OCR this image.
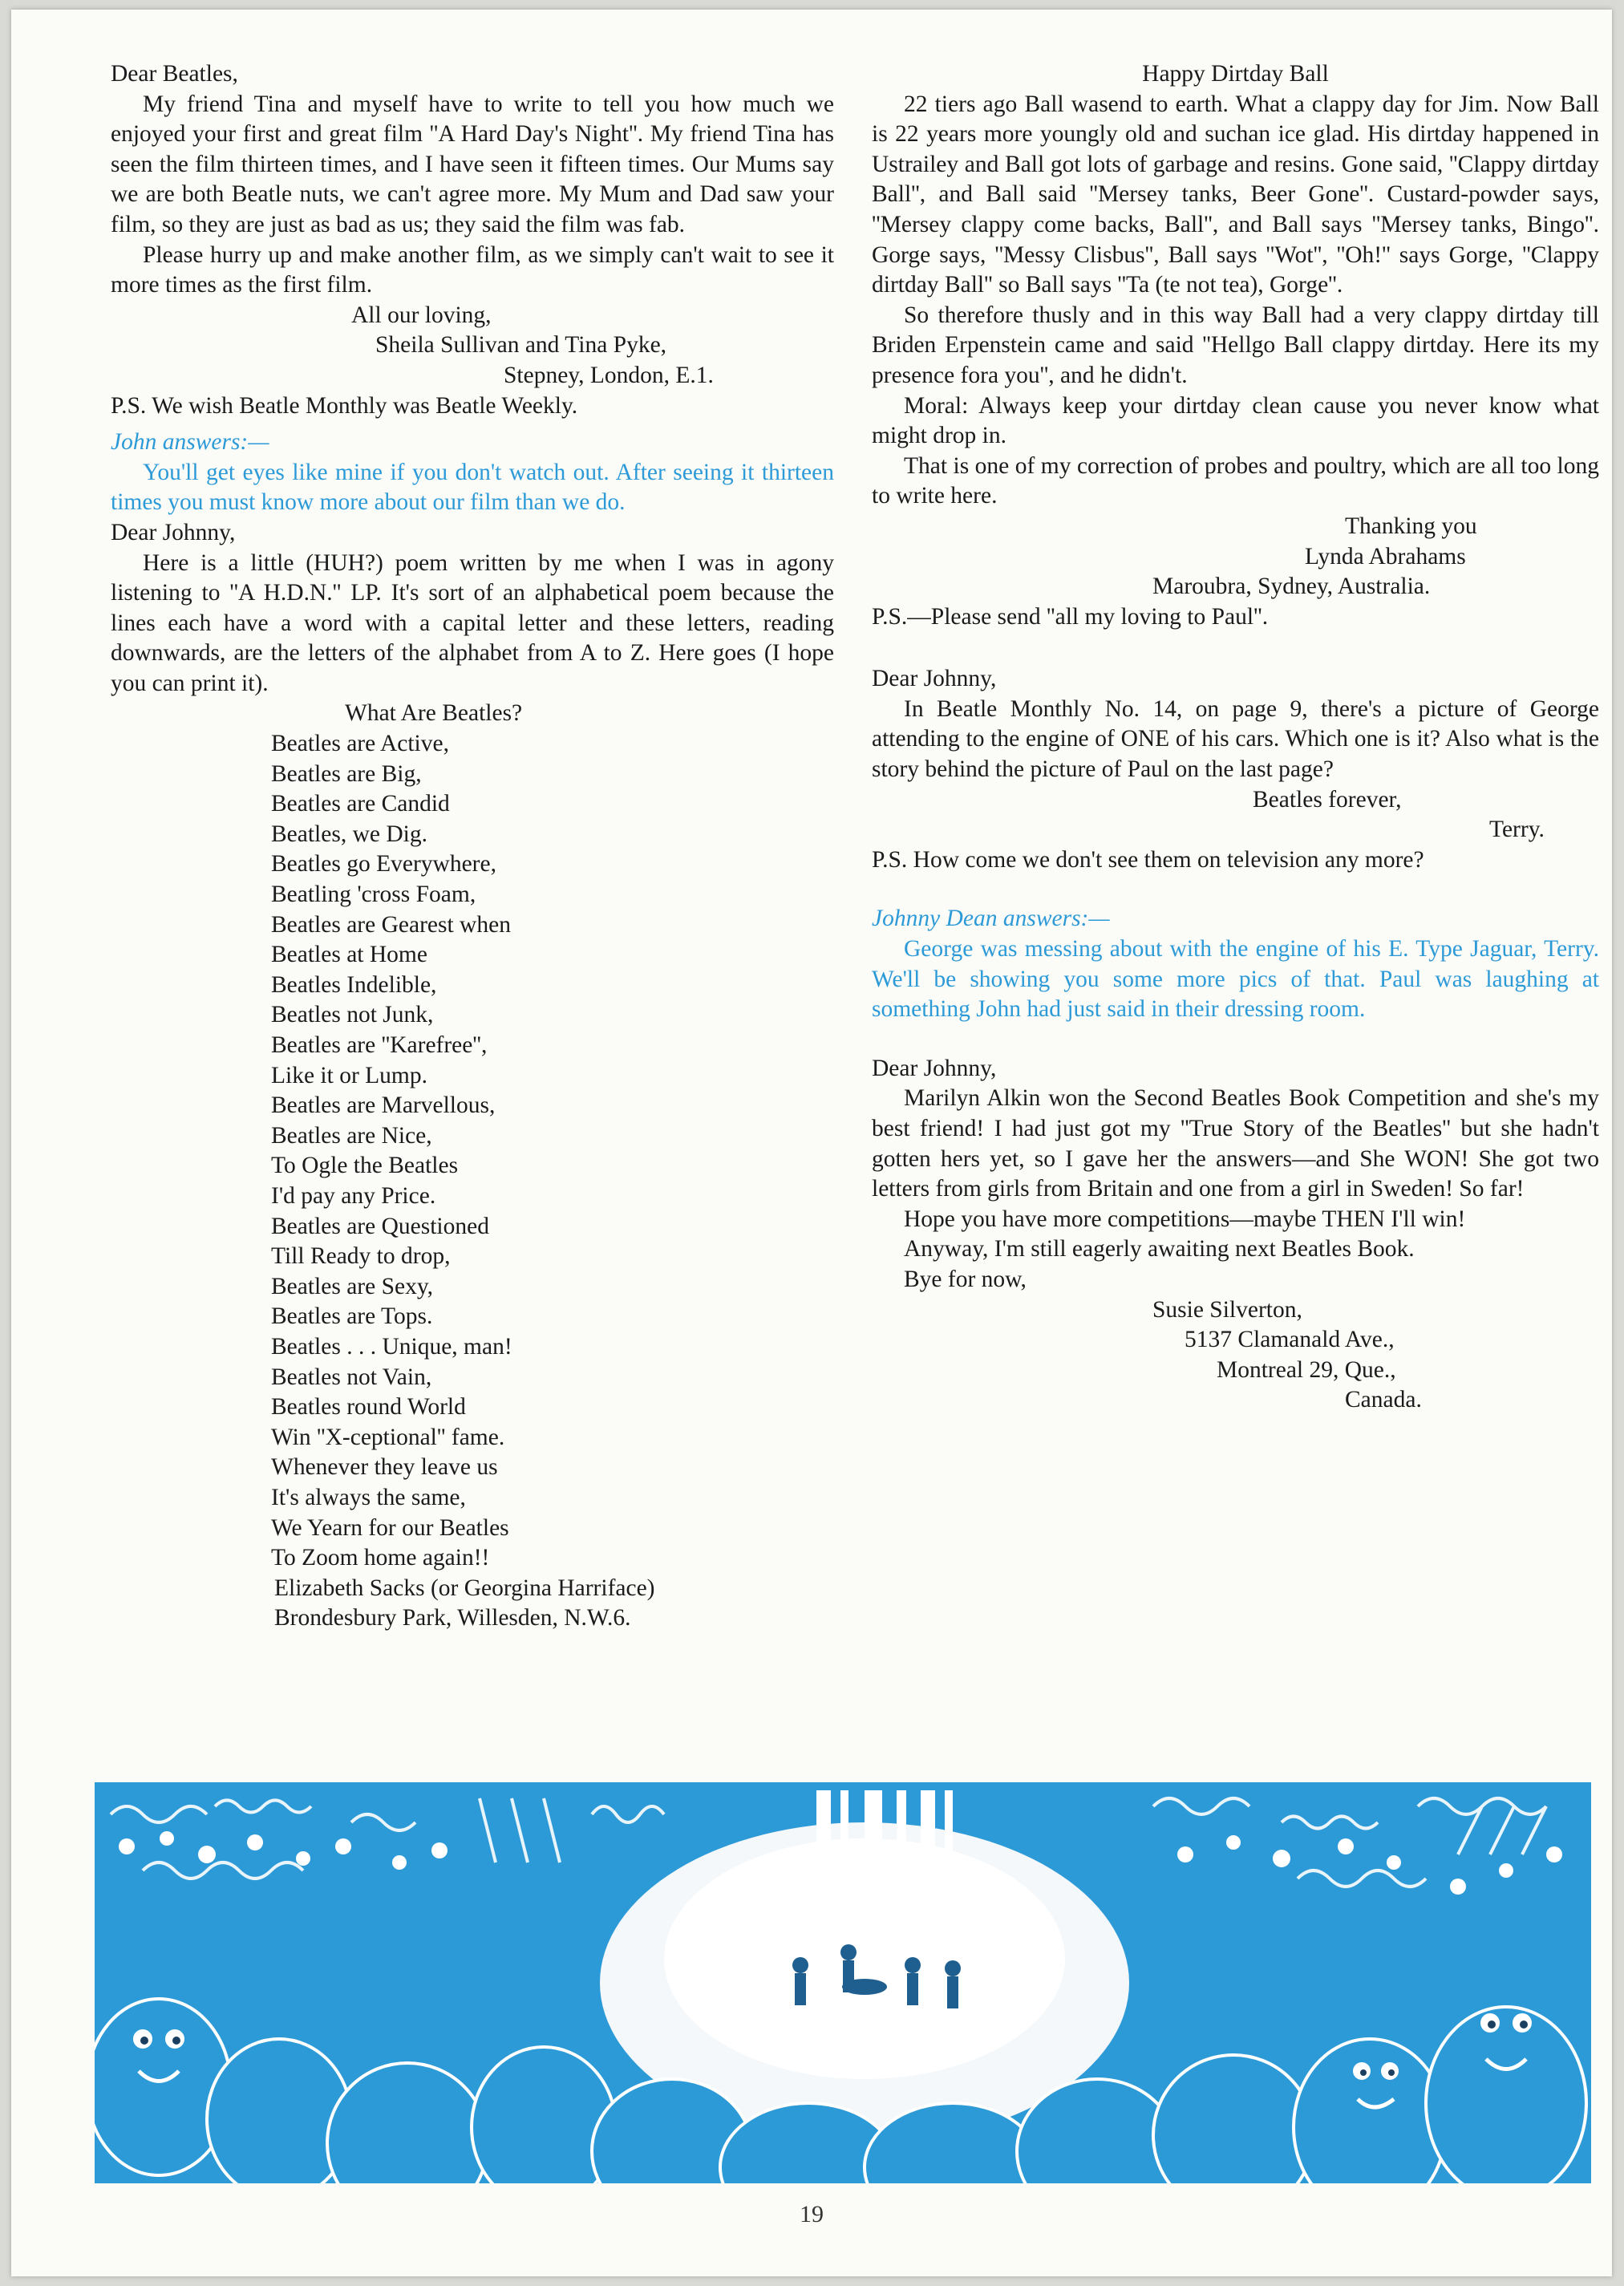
Dear Beatles,

My friend Tina and myself have to write to tell you how much we enjoyed your first and great film ''A Hard Day's Night''. My friend Tina has seen the film thirteen times, and I have seen it fifteen times. Our Mums say we are both Beatle nuts, we can't agree more. My Mum and Dad saw your film, so they are just as bad as us; they said the film was fab.

Please hurry up and make another film, as we simply can't wait to see it more times as the first film.

All our loving,

Sheila Sullivan and Tina Pyke,

Stepney, London, E.1.

P.S. We wish Beatle Monthly was Beatle Weekly.

John answers:—

You'll get eyes like mine if you don't watch out. After seeing it thirteen times you must know more about our film than we do.

Dear Johnny,

Here is a little (HUH?) poem written by me when I was in agony listening to ''A H.D.N.'' LP. It's sort of an alphabetical poem because the lines each have a word with a capital letter and these letters, reading downwards, are the letters of the alphabet from A to Z. Here goes (I hope you can print it).

What Are Beatles?

Beatles are Active,

Beatles are Big,

Beatles are Candid

Beatles, we Dig.

Beatles go Everywhere,

Beatling 'cross Foam,

Beatles are Gearest when

Beatles at Home

Beatles Indelible,

Beatles not Junk,

Beatles are ''Karefree'',

Like it or Lump.

Beatles are Marvellous,

Beatles are Nice,

To Ogle the Beatles

I'd pay any Price.

Beatles are Questioned

Till Ready to drop,

Beatles are Sexy,

Beatles are Tops.

Beatles . . . Unique, man!

Beatles not Vain,

Beatles round World

Win ''X-ceptional'' fame.

Whenever they leave us

It's always the same,

We Yearn for our Beatles

To Zoom home again!!

Elizabeth Sacks (or Georgina Harriface)

Brondesbury Park, Willesden, N.W.6.

Happy Dirtday Ball

22 tiers ago Ball wasend to earth. What a clappy day for Jim. Now Ball is 22 years more youngly old and suchan ice glad. His dirtday happened in Ustrailey and Ball got lots of garbage and resins. Gone said, ''Clappy dirtday Ball'', and Ball said ''Mersey tanks, Beer Gone''. Custard-powder says, ''Mersey clappy come backs, Ball'', and Ball says ''Mersey tanks, Bingo''. Gorge says, ''Messy Clisbus'', Ball says ''Wot'', ''Oh!'' says Gorge, ''Clappy dirtday Ball'' so Ball says ''Ta (te not tea), Gorge''.

So therefore thusly and in this way Ball had a very clappy dirtday till Briden Erpenstein came and said ''Hellgo Ball clappy dirtday. Here its my presence fora you'', and he didn't.

Moral: Always keep your dirtday clean cause you never know what might drop in.

That is one of my correction of probes and poultry, which are all too long to write here.

Thanking you

Lynda Abrahams

Maroubra, Sydney, Australia.

P.S.—Please send ''all my loving to Paul''.

Dear Johnny,

In Beatle Monthly No. 14, on page 9, there's a picture of George attending to the engine of ONE of his cars. Which one is it? Also what is the story behind the picture of Paul on the last page?

Beatles forever,

Terry.

P.S. How come we don't see them on television any more?

Johnny Dean answers:—

George was messing about with the engine of his E. Type Jaguar, Terry. We'll be showing you some more pics of that. Paul was laughing at something John had just said in their dressing room.

Dear Johnny,

Marilyn Alkin won the Second Beatles Book Competition and she's my best friend! I had just got my ''True Story of the Beatles'' but she hadn't gotten hers yet, so I gave her the answers—and She WON! She got two letters from girls from Britain and one from a girl in Sweden! So far!

Hope you have more competitions—maybe THEN I'll win!

Anyway, I'm still eagerly awaiting next Beatles Book.

Bye for now,

Susie Silverton,

5137 Clamanald Ave.,

Montreal 29, Que.,

Canada.

19
